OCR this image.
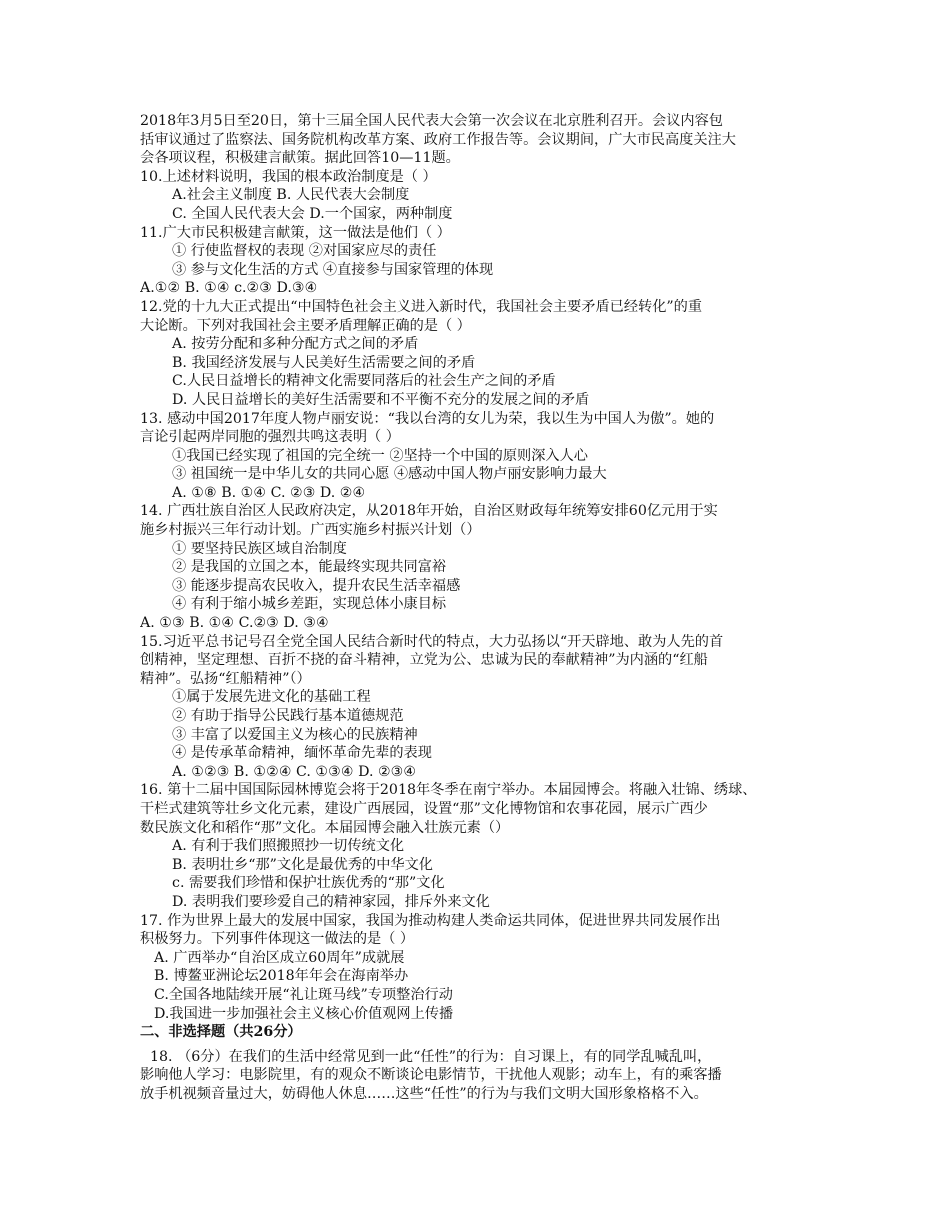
2018年3月5日至20日，第十三届全国人民代表大会第一次会议在北京胜利召开。会议内容包
括审议通过了监察法、国务院机构改革方案、政府工作报告等。会议期间，广大市民高度关注大
会各项议程，积极建言献策。据此回答10—11题。
10.上述材料说明，我国的根本政治制度是（ ）
A.社会主义制度 B. 人民代表大会制度
C. 全国人民代表大会 D.一个国家，两种制度
11.广大市民积极建言献策，这一做法是他们（ ）
① 行使监督权的表现 ②对国家应尽的责任
③ 参与文化生活的方式 ④直接参与国家管理的体现
A.①② B. ①④ c.②③ D.③④
12.党的十九大正式提出“中国特色社会主义进入新时代，我国社会主要矛盾已经转化”的重
大论断。下列对我国社会主要矛盾理解正确的是（ ）
A. 按劳分配和多种分配方式之间的矛盾
B. 我国经济发展与人民美好生活需要之间的矛盾
C.人民日益增长的精神文化需要同落后的社会生产之间的矛盾
D. 人民日益增长的美好生活需要和不平衡不充分的发展之间的矛盾
13. 感动中国2017年度人物卢丽安说：“我以台湾的女儿为荣，我以生为中国人为傲”。她的
言论引起两岸同胞的强烈共鸣这表明（ ）
①我国已经实现了祖国的完全统一 ②坚持一个中国的原则深入人心
③ 祖国统一是中华儿女的共同心愿 ④感动中国人物卢丽安影响力最大
A. ①⑧ B. ①④ C. ②③ D. ②④
14. 广西壮族自治区人民政府决定，从2018年开始，自治区财政每年统筹安排60亿元用于实
施乡村振兴三年行动计划。广西实施乡村振兴计划（）
① 要坚持民族区域自治制度
② 是我国的立国之本，能最终实现共同富裕
③ 能逐步提高农民收入，提升农民生活幸福感
④ 有利于缩小城乡差距，实现总体小康目标
A. ①③ B. ①④ C.②③ D. ③④
15.习近平总书记号召全党全国人民结合新时代的特点，大力弘扬以“开天辟地、敢为人先的首
创精神，坚定理想、百折不挠的奋斗精神，立党为公、忠诚为民的奉献精神”为内涵的“红船
精神”。弘扬“红船精神”（）
①属于发展先进文化的基础工程
② 有助于指导公民践行基本道德规范
③ 丰富了以爱国主义为核心的民族精神
④ 是传承革命精神，缅怀革命先辈的表现
A. ①②③ B. ①②④ C. ①③④ D. ②③④
16. 第十二届中国国际园林博览会将于2018年冬季在南宁举办。本届园博会。将融入壮锦、绣球、
干栏式建筑等壮乡文化元素，建设广西展园，设置“那”文化博物馆和农事花园，展示广西少
数民族文化和稻作“那”文化。本届园博会融入壮族元素（）
A. 有利于我们照搬照抄一切传统文化
B. 表明壮乡“那”文化是最优秀的中华文化
c. 需要我们珍惜和保护壮族优秀的“那”文化
D. 表明我们要珍爱自己的精神家园，排斥外来文化
17. 作为世界上最大的发展中国家，我国为推动构建人类命运共同体，促进世界共同发展作出
积极努力。下列事件体现这一做法的是（ ）
A. 广西举办“自治区成立60周年”成就展
B. 博鳌亚洲论坛2018年年会在海南举办
C.全国各地陆续开展“礼让斑马线”专项整治行动
D.我国进一步加强社会主义核心价值观网上传播
二、非选择题（共26分）
18. （6分）在我们的生活中经常见到一此“任性”的行为：自习课上，有的同学乱喊乱叫，
影响他人学习：电影院里，有的观众不断谈论电影情节，干扰他人观影；动车上，有的乘客播
放手机视频音量过大，妨碍他人休息……这些“任性”的行为与我们文明大国形象格格不入。
